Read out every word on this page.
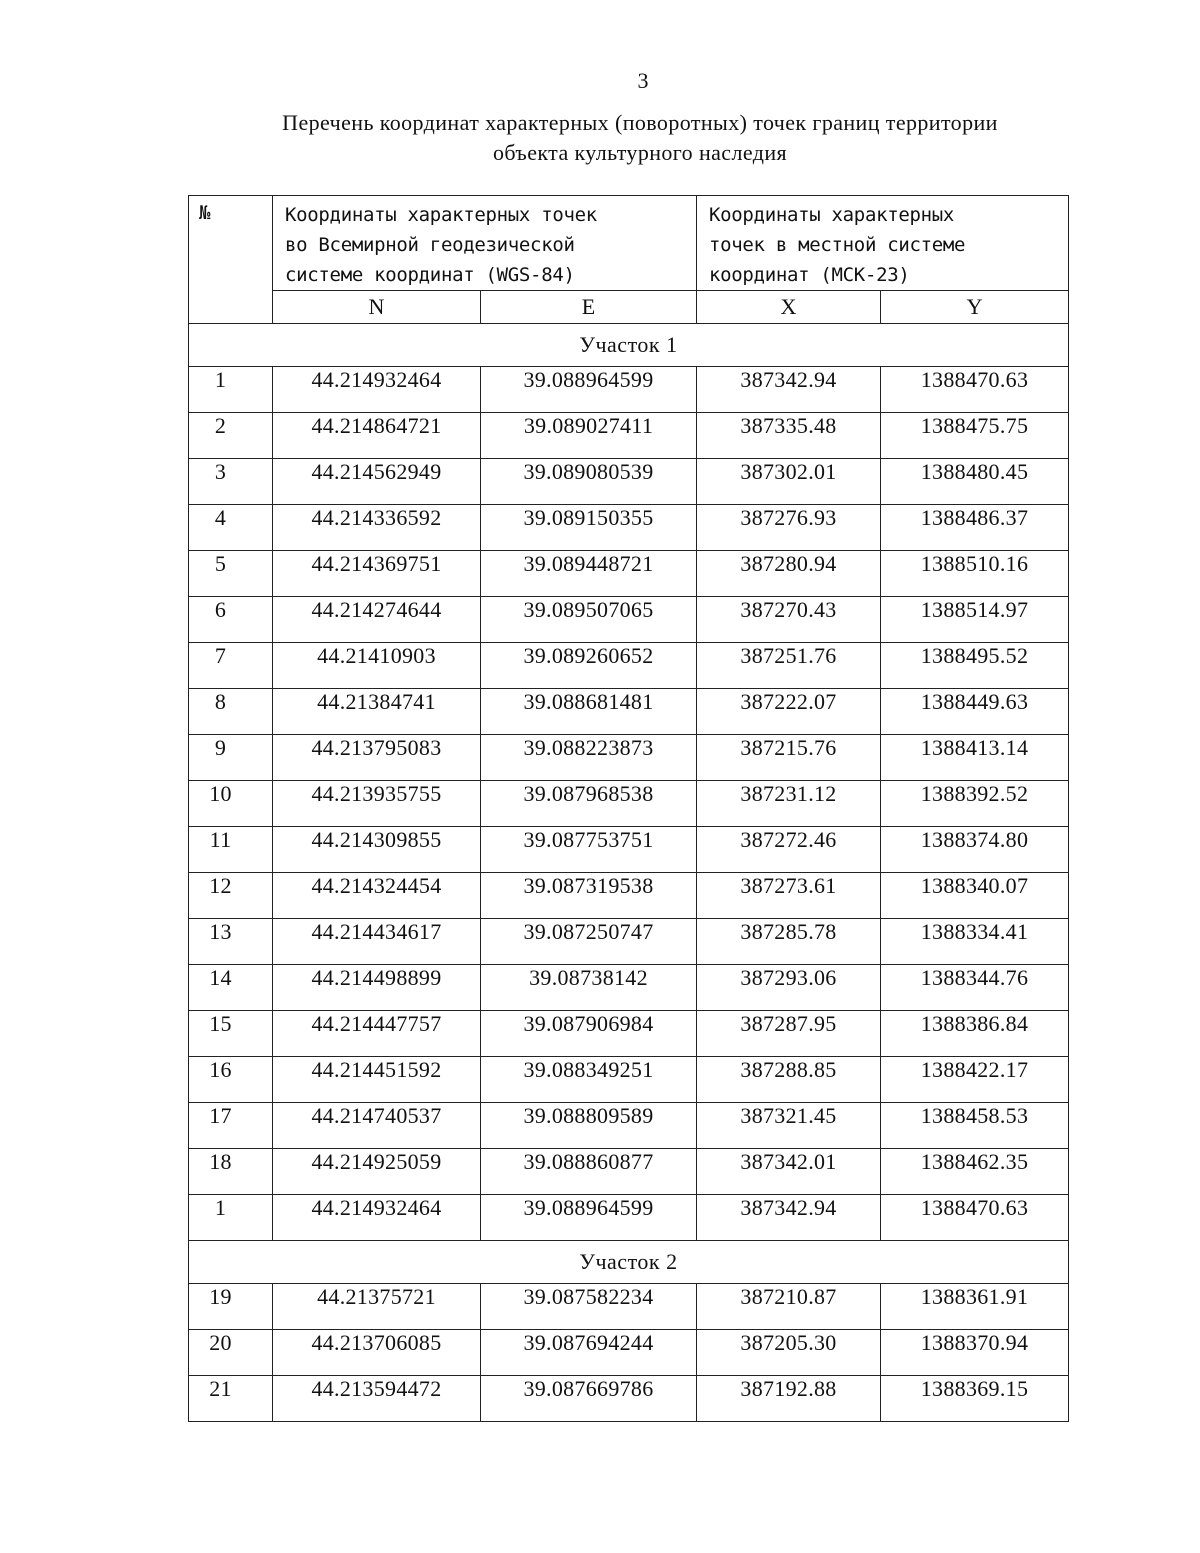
3
Перечень координат характерных (поворотных) точек границ территории
объекта культурного наследия
№	Координаты характерных точек
во Всемирной геодезической
системе координат (WGS-84)		Координаты характерных
точек в местной системе
координат (МСК-23)	

	N	E	X	Y
Участок 1				
1	44.214932464	39.088964599	387342.94	1388470.63
2	44.214864721	39.089027411	387335.48	1388475.75
3	44.214562949	39.089080539	387302.01	1388480.45
4	44.214336592	39.089150355	387276.93	1388486.37
5	44.214369751	39.089448721	387280.94	1388510.16
6	44.214274644	39.089507065	387270.43	1388514.97
7	44.21410903	39.089260652	387251.76	1388495.52
8	44.21384741	39.088681481	387222.07	1388449.63
9	44.213795083	39.088223873	387215.76	1388413.14
10	44.213935755	39.087968538	387231.12	1388392.52
11	44.214309855	39.087753751	387272.46	1388374.80
12	44.214324454	39.087319538	387273.61	1388340.07
13	44.214434617	39.087250747	387285.78	1388334.41
14	44.214498899	39.08738142	387293.06	1388344.76
15	44.214447757	39.087906984	387287.95	1388386.84
16	44.214451592	39.088349251	387288.85	1388422.17
17	44.214740537	39.088809589	387321.45	1388458.53
18	44.214925059	39.088860877	387342.01	1388462.35
1	44.214932464	39.088964599	387342.94	1388470.63
Участок 2				
19	44.21375721	39.087582234	387210.87	1388361.91
20	44.213706085	39.087694244	387205.30	1388370.94
21	44.213594472	39.087669786	387192.88	1388369.15
